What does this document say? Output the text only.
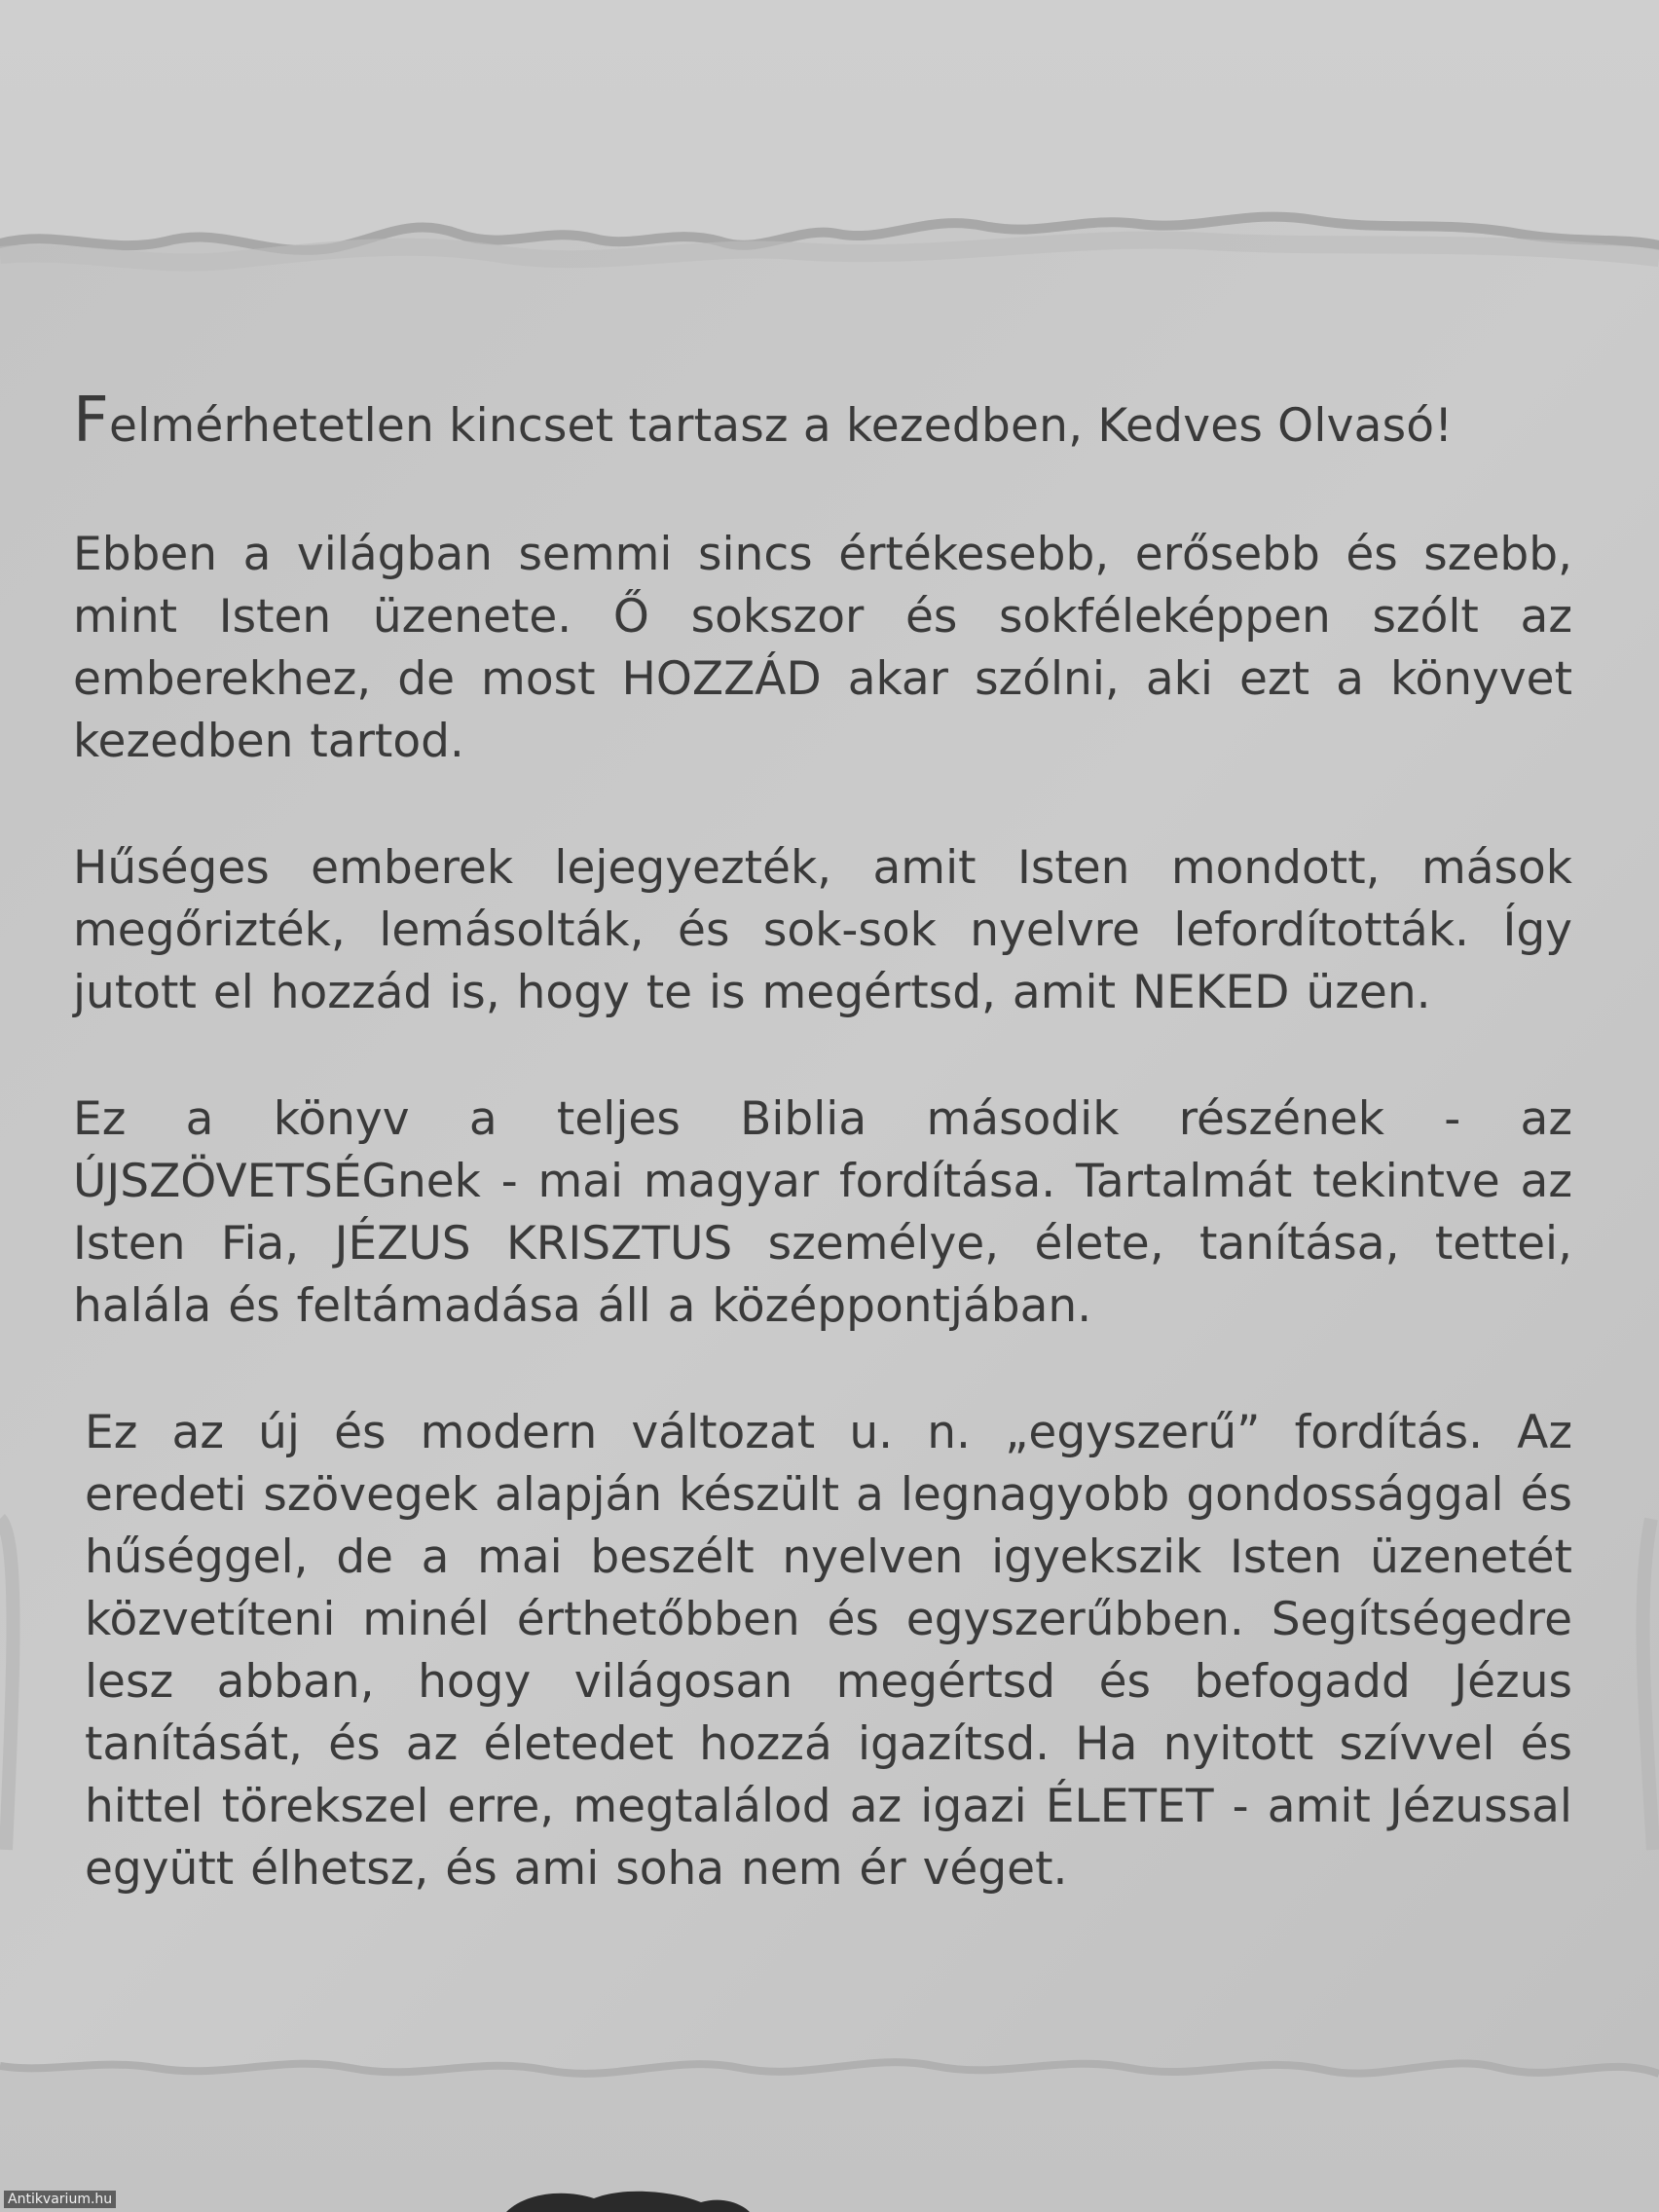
Felmérhetetlen kincset tartasz a kezedben, Kedves Olvasó!

Ebben a világban semmi sincs értékesebb, erősebb és szebb, mint Isten üzenete. Ő sokszor és sokféleképpen szólt az emberekhez, de most HOZZÁD akar szólni, aki ezt a könyvet kezedben tartod.

Hűséges emberek lejegyezték, amit Isten mondott, mások megőrizték, lemásolták, és sok-sok nyelvre lefordították. Így jutott el hozzád is, hogy te is megértsd, amit NEKED üzen.

Ez a könyv a teljes Biblia második részének - az ÚJSZÖVETSÉGnek - mai magyar fordítása. Tartalmát tekintve az Isten Fia, JÉZUS KRISZTUS személye, élete, tanítása, tettei, halála és feltámadása áll a középpontjában.

Ez az új és modern változat u. n. „egyszerű” fordítás. Az eredeti szövegek alapján készült a legnagyobb gondossággal és hűséggel, de a mai beszélt nyelven igyekszik Isten üzenetét közvetíteni minél érthetőbben és egyszerűbben. Segítségedre lesz abban, hogy világosan megértsd és befogadd Jézus tanítását, és az életedet hozzá igazítsd. Ha nyitott szívvel és hittel törekszel erre, megtalálod az igazi ÉLETET - amit Jézussal együtt élhetsz, és ami soha nem ér véget.

Antikvarium.hu
